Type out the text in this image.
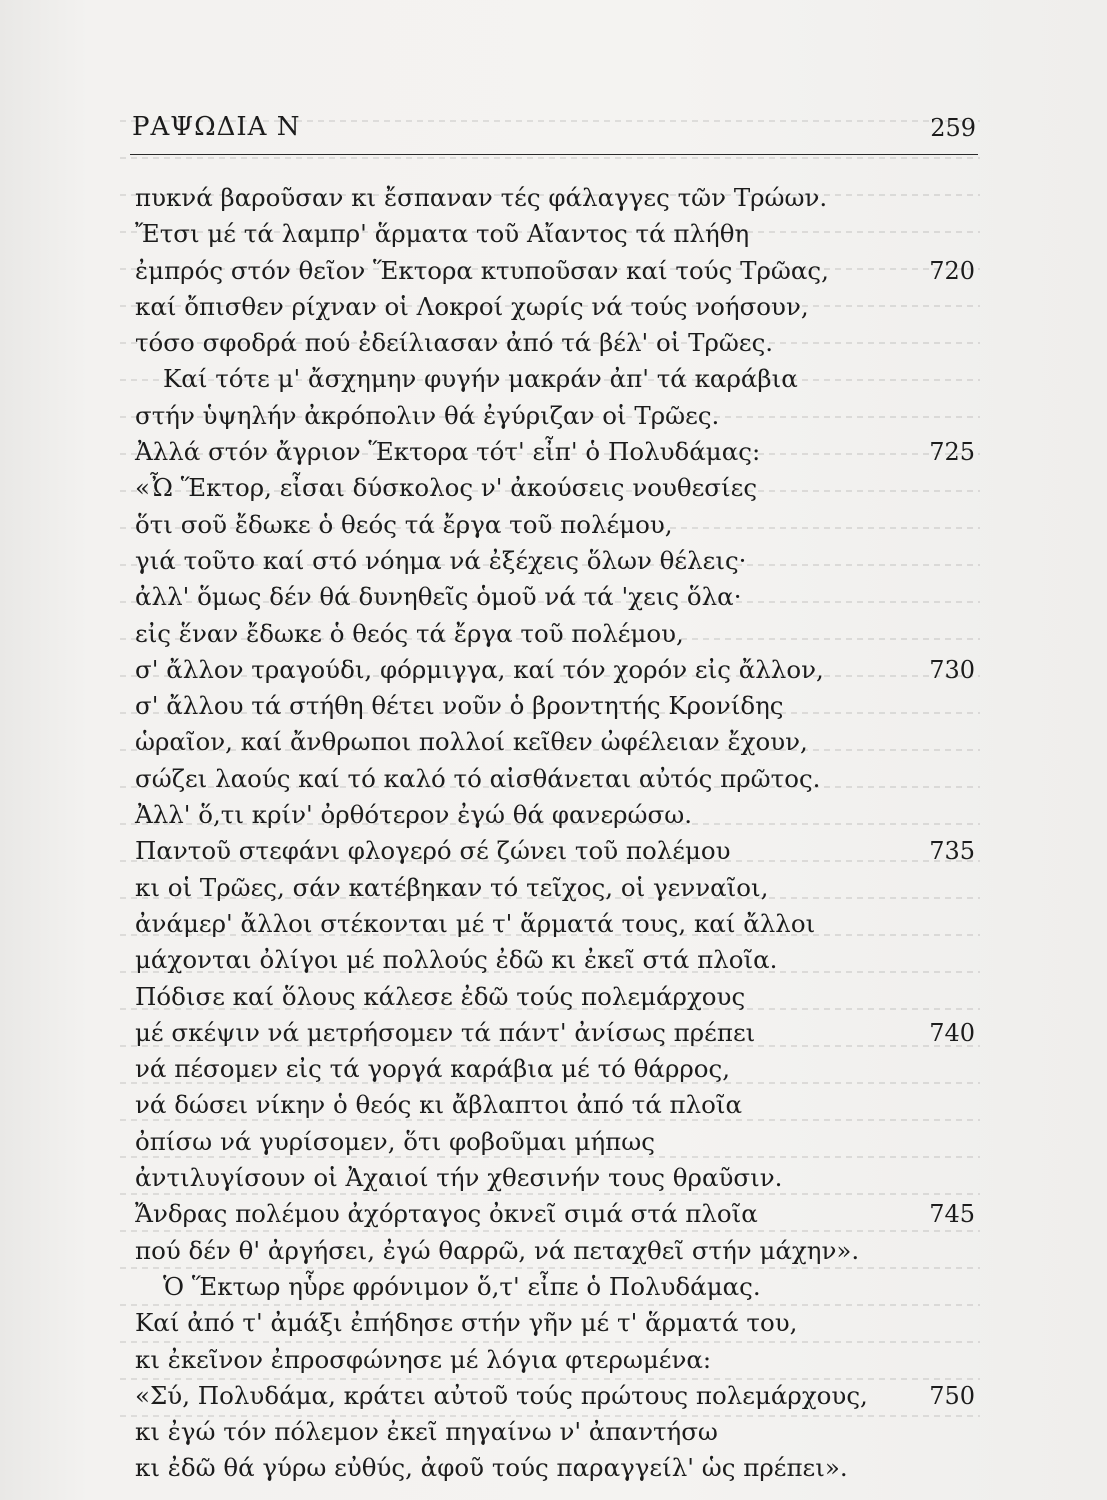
ΡΑΨΩΔΙΑ Ν	259
πυκνά βαροῦσαν κι ἔσπαναν τές φάλαγγες τῶν Τρώων.
Ἔτσι μέ τά λαμπρ' ἅρματα τοῦ Αἴαντος τά πλήθη
ἐμπρός στόν θεῖον Ἕκτορα κτυποῦσαν καί τούς Τρῶας,	720
καί ὄπισθεν ρίχναν οἱ Λοκροί χωρίς νά τούς νοήσουν,
τόσο σφοδρά πού ἐδείλιασαν ἀπό τά βέλ' οἱ Τρῶες.
Καί τότε μ' ἄσχημην φυγήν μακράν ἀπ' τά καράβια
στήν ὑψηλήν ἀκρόπολιν θά ἐγύριζαν οἱ Τρῶες.
Ἀλλά στόν ἄγριον Ἕκτορα τότ' εἶπ' ὁ Πολυδάμας:	725
«Ὦ Ἕκτορ, εἶσαι δύσκολος ν' ἀκούσεις νουθεσίες
ὅτι σοῦ ἔδωκε ὁ θεός τά ἔργα τοῦ πολέμου,
γιά τοῦτο καί στό νόημα νά ἐξέχεις ὅλων θέλεις·
ἀλλ' ὅμως δέν θά δυνηθεῖς ὁμοῦ νά τά 'χεις ὅλα·
εἰς ἕναν ἔδωκε ὁ θεός τά ἔργα τοῦ πολέμου,
σ' ἄλλον τραγούδι, φόρμιγγα, καί τόν χορόν εἰς ἄλλον,	730
σ' ἄλλου τά στήθη θέτει νοῦν ὁ βροντητής Κρονίδης
ὡραῖον, καί ἄνθρωποι πολλοί κεῖθεν ὠφέλειαν ἔχουν,
σώζει λαούς καί τό καλό τό αἰσθάνεται αὐτός πρῶτος.
Ἀλλ' ὅ,τι κρίν' ὀρθότερον ἐγώ θά φανερώσω.
Παντοῦ στεφάνι φλογερό σέ ζώνει τοῦ πολέμου	735
κι οἱ Τρῶες, σάν κατέβηκαν τό τεῖχος, οἱ γενναῖοι,
ἀνάμερ' ἄλλοι στέκονται μέ τ' ἅρματά τους, καί ἄλλοι
μάχονται ὀλίγοι μέ πολλούς ἐδῶ κι ἐκεῖ στά πλοῖα.
Πόδισε καί ὅλους κάλεσε ἐδῶ τούς πολεμάρχους
μέ σκέψιν νά μετρήσομεν τά πάντ' ἀνίσως πρέπει	740
νά πέσομεν εἰς τά γοργά καράβια μέ τό θάρρος,
νά δώσει νίκην ὁ θεός κι ἄβλαπτοι ἀπό τά πλοῖα
ὀπίσω νά γυρίσομεν, ὅτι φοβοῦμαι μήπως
ἀντιλυγίσουν οἱ Ἀχαιοί τήν χθεσινήν τους θραῦσιν.
Ἄνδρας πολέμου ἀχόρταγος ὀκνεῖ σιμά στά πλοῖα	745
πού δέν θ' ἀργήσει, ἐγώ θαρρῶ, νά πεταχθεῖ στήν μάχην».
Ὁ Ἕκτωρ ηὗρε φρόνιμον ὅ,τ' εἶπε ὁ Πολυδάμας.
Καί ἀπό τ' ἀμάξι ἐπήδησε στήν γῆν μέ τ' ἅρματά του,
κι ἐκεῖνον ἐπροσφώνησε μέ λόγια φτερωμένα:
«Σύ, Πολυδάμα, κράτει αὐτοῦ τούς πρώτους πολεμάρχους,	750
κι ἐγώ τόν πόλεμον ἐκεῖ πηγαίνω ν' ἀπαντήσω
κι ἐδῶ θά γύρω εὐθύς, ἀφοῦ τούς παραγγείλ' ὡς πρέπει».
